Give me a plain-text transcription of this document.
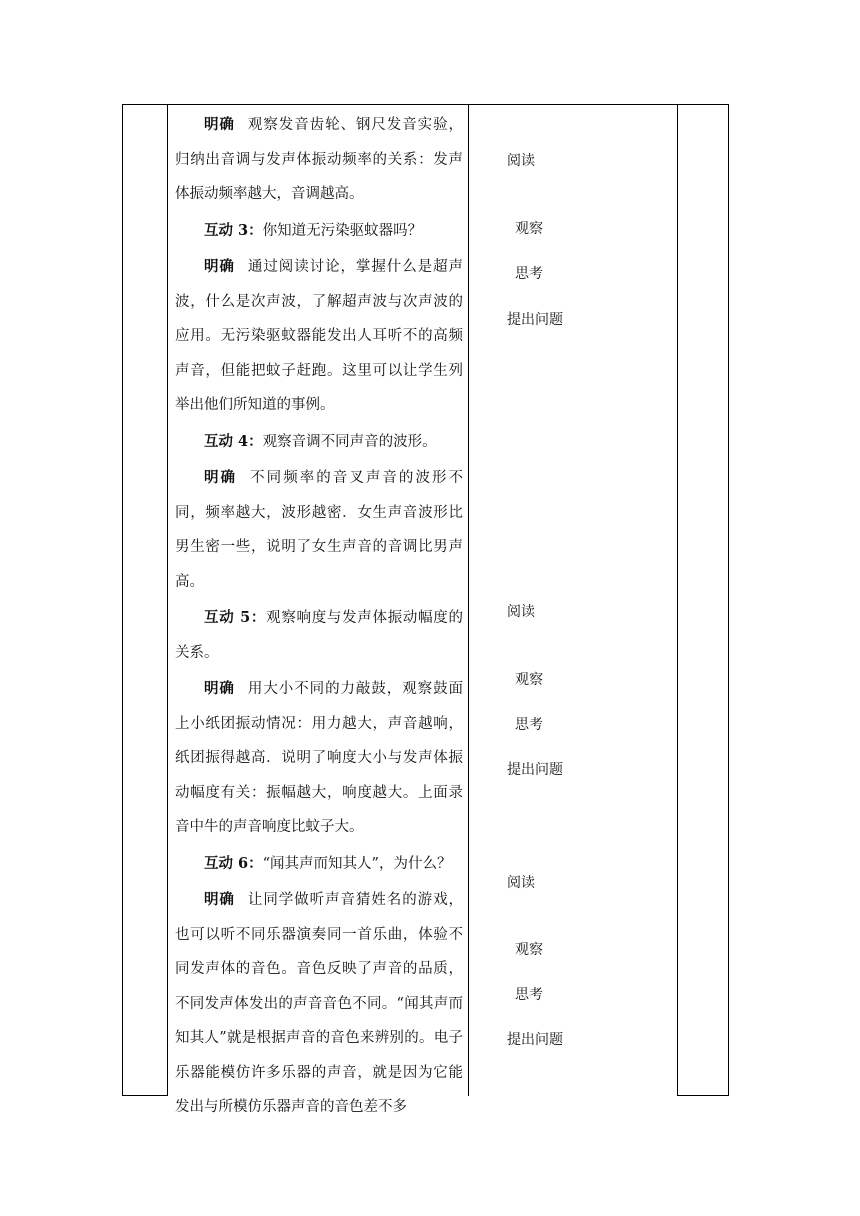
明确 观察发音齿轮、钢尺发音实验，归纳出音调与发声体振动频率的关系：发声体振动频率越大，音调越高。

互动 3：你知道无污染驱蚊器吗？

明确 通过阅读讨论，掌握什么是超声波，什么是次声波，了解超声波与次声波的应用。无污染驱蚊器能发出人耳听不的高频声音，但能把蚊子赶跑。这里可以让学生列举出他们所知道的事例。

互动 4：观察音调不同声音的波形。

明确 不同频率的音叉声音的波形不同，频率越大，波形越密．女生声音波形比男生密一些，说明了女生声音的音调比男声高。

互动 5：观察响度与发声体振动幅度的关系。

明确 用大小不同的力敲鼓，观察鼓面上小纸团振动情况：用力越大，声音越响，纸团振得越高．说明了响度大小与发声体振动幅度有关：振幅越大，响度越大。上面录音中牛的声音响度比蚊子大。

互动 6：“闻其声而知其人”，为什么？

明确 让同学做听声音猜姓名的游戏，也可以听不同乐器演奏同一首乐曲，体验不同发声体的音色。音色反映了声音的品质，不同发声体发出的声音音色不同。“闻其声而知其人”就是根据声音的音色来辨别的。电子乐器能模仿许多乐器的声音，就是因为它能发出与所模仿乐器声音的音色差不多

阅读
观察
思考
提出问题
阅读
观察
思考
提出问题
阅读
观察
思考
提出问题
